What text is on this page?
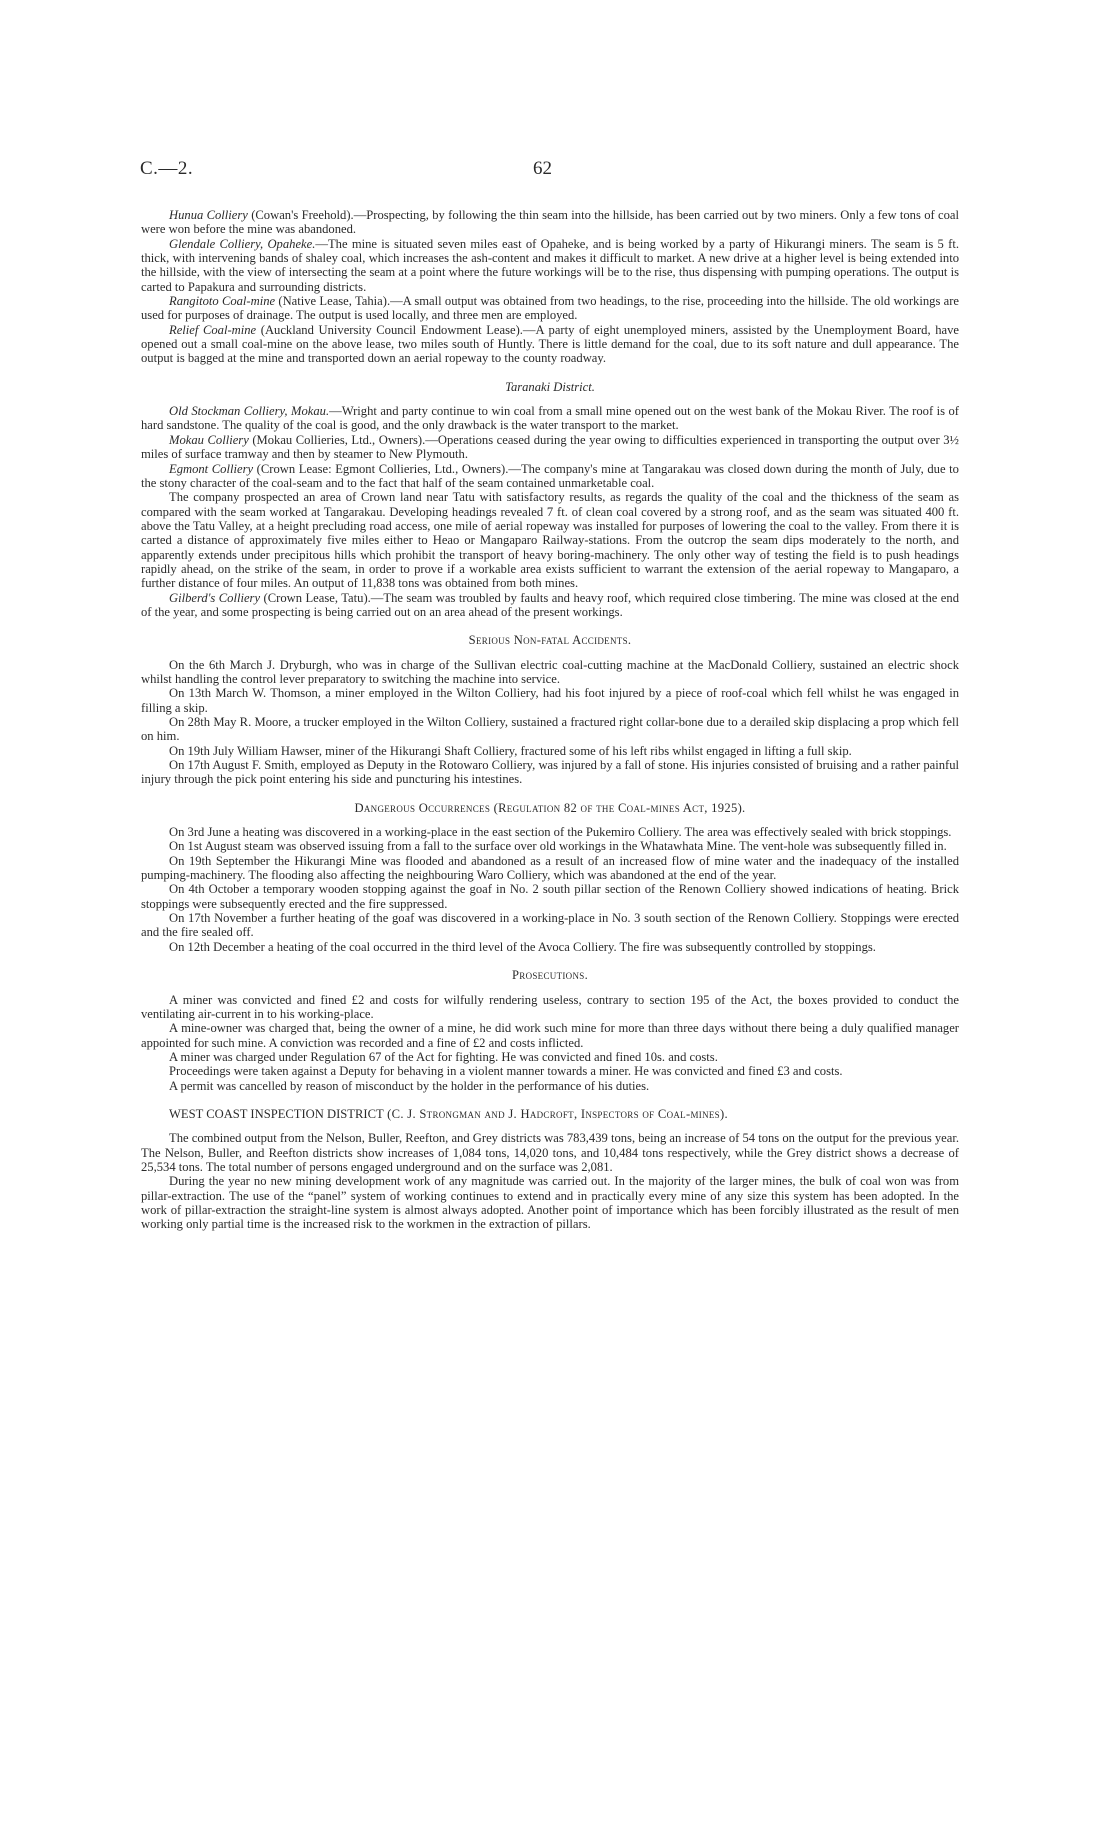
C.—2.	62

Hunua Colliery (Cowan's Freehold).—Prospecting, by following the thin seam into the hillside, has been carried out by two miners. Only a few tons of coal were won before the mine was abandoned.

Glendale Colliery, Opaheke.—The mine is situated seven miles east of Opaheke, and is being worked by a party of Hikurangi miners. The seam is 5 ft. thick, with intervening bands of shaley coal, which increases the ash-content and makes it difficult to market. A new drive at a higher level is being extended into the hillside, with the view of intersecting the seam at a point where the future workings will be to the rise, thus dispensing with pumping operations. The output is carted to Papakura and surrounding districts.

Rangitoto Coal-mine (Native Lease, Tahia).—A small output was obtained from two headings, to the rise, proceeding into the hillside. The old workings are used for purposes of drainage. The output is used locally, and three men are employed.

Relief Coal-mine (Auckland University Council Endowment Lease).—A party of eight unemployed miners, assisted by the Unemployment Board, have opened out a small coal-mine on the above lease, two miles south of Huntly. There is little demand for the coal, due to its soft nature and dull appearance. The output is bagged at the mine and transported down an aerial ropeway to the county roadway.

Taranaki District.

Old Stockman Colliery, Mokau.—Wright and party continue to win coal from a small mine opened out on the west bank of the Mokau River. The roof is of hard sandstone. The quality of the coal is good, and the only drawback is the water transport to the market.

Mokau Colliery (Mokau Collieries, Ltd., Owners).—Operations ceased during the year owing to difficulties experienced in transporting the output over 3½ miles of surface tramway and then by steamer to New Plymouth.

Egmont Colliery (Crown Lease: Egmont Collieries, Ltd., Owners).—The company's mine at Tangarakau was closed down during the month of July, due to the stony character of the coal-seam and to the fact that half of the seam contained unmarketable coal.

The company prospected an area of Crown land near Tatu with satisfactory results, as regards the quality of the coal and the thickness of the seam as compared with the seam worked at Tangarakau. Developing headings revealed 7 ft. of clean coal covered by a strong roof, and as the seam was situated 400 ft. above the Tatu Valley, at a height precluding road access, one mile of aerial ropeway was installed for purposes of lowering the coal to the valley. From there it is carted a distance of approximately five miles either to Heao or Mangaparo Railway-stations. From the outcrop the seam dips moderately to the north, and apparently extends under precipitous hills which prohibit the transport of heavy boring-machinery. The only other way of testing the field is to push headings rapidly ahead, on the strike of the seam, in order to prove if a workable area exists sufficient to warrant the extension of the aerial ropeway to Mangaparo, a further distance of four miles. An output of 11,838 tons was obtained from both mines.

Gilberd's Colliery (Crown Lease, Tatu).—The seam was troubled by faults and heavy roof, which required close timbering. The mine was closed at the end of the year, and some prospecting is being carried out on an area ahead of the present workings.

Serious Non-fatal Accidents.

On the 6th March J. Dryburgh, who was in charge of the Sullivan electric coal-cutting machine at the MacDonald Colliery, sustained an electric shock whilst handling the control lever preparatory to switching the machine into service.

On 13th March W. Thomson, a miner employed in the Wilton Colliery, had his foot injured by a piece of roof-coal which fell whilst he was engaged in filling a skip.

On 28th May R. Moore, a trucker employed in the Wilton Colliery, sustained a fractured right collar-bone due to a derailed skip displacing a prop which fell on him.

On 19th July William Hawser, miner of the Hikurangi Shaft Colliery, fractured some of his left ribs whilst engaged in lifting a full skip.

On 17th August F. Smith, employed as Deputy in the Rotowaro Colliery, was injured by a fall of stone. His injuries consisted of bruising and a rather painful injury through the pick point entering his side and puncturing his intestines.

Dangerous Occurrences (Regulation 82 of the Coal-mines Act, 1925).

On 3rd June a heating was discovered in a working-place in the east section of the Pukemiro Colliery. The area was effectively sealed with brick stoppings.

On 1st August steam was observed issuing from a fall to the surface over old workings in the Whatawhata Mine. The vent-hole was subsequently filled in.

On 19th September the Hikurangi Mine was flooded and abandoned as a result of an increased flow of mine water and the inadequacy of the installed pumping-machinery. The flooding also affecting the neighbouring Waro Colliery, which was abandoned at the end of the year.

On 4th October a temporary wooden stopping against the goaf in No. 2 south pillar section of the Renown Colliery showed indications of heating. Brick stoppings were subsequently erected and the fire suppressed.

On 17th November a further heating of the goaf was discovered in a working-place in No. 3 south section of the Renown Colliery. Stoppings were erected and the fire sealed off.

On 12th December a heating of the coal occurred in the third level of the Avoca Colliery. The fire was subsequently controlled by stoppings.

Prosecutions.

A miner was convicted and fined £2 and costs for wilfully rendering useless, contrary to section 195 of the Act, the boxes provided to conduct the ventilating air-current in to his working-place.

A mine-owner was charged that, being the owner of a mine, he did work such mine for more than three days without there being a duly qualified manager appointed for such mine. A conviction was recorded and a fine of £2 and costs inflicted.

A miner was charged under Regulation 67 of the Act for fighting. He was convicted and fined 10s. and costs.

Proceedings were taken against a Deputy for behaving in a violent manner towards a miner. He was convicted and fined £3 and costs.

A permit was cancelled by reason of misconduct by the holder in the performance of his duties.

WEST COAST INSPECTION DISTRICT (C. J. Strongman and J. Hadcroft, Inspectors of Coal-mines).

The combined output from the Nelson, Buller, Reefton, and Grey districts was 783,439 tons, being an increase of 54 tons on the output for the previous year. The Nelson, Buller, and Reefton districts show increases of 1,084 tons, 14,020 tons, and 10,484 tons respectively, while the Grey district shows a decrease of 25,534 tons. The total number of persons engaged underground and on the surface was 2,081.

During the year no new mining development work of any magnitude was carried out. In the majority of the larger mines, the bulk of coal won was from pillar-extraction. The use of the “panel” system of working continues to extend and in practically every mine of any size this system has been adopted. In the work of pillar-extraction the straight-line system is almost always adopted. Another point of importance which has been forcibly illustrated as the result of men working only partial time is the increased risk to the workmen in the extraction of pillars.
